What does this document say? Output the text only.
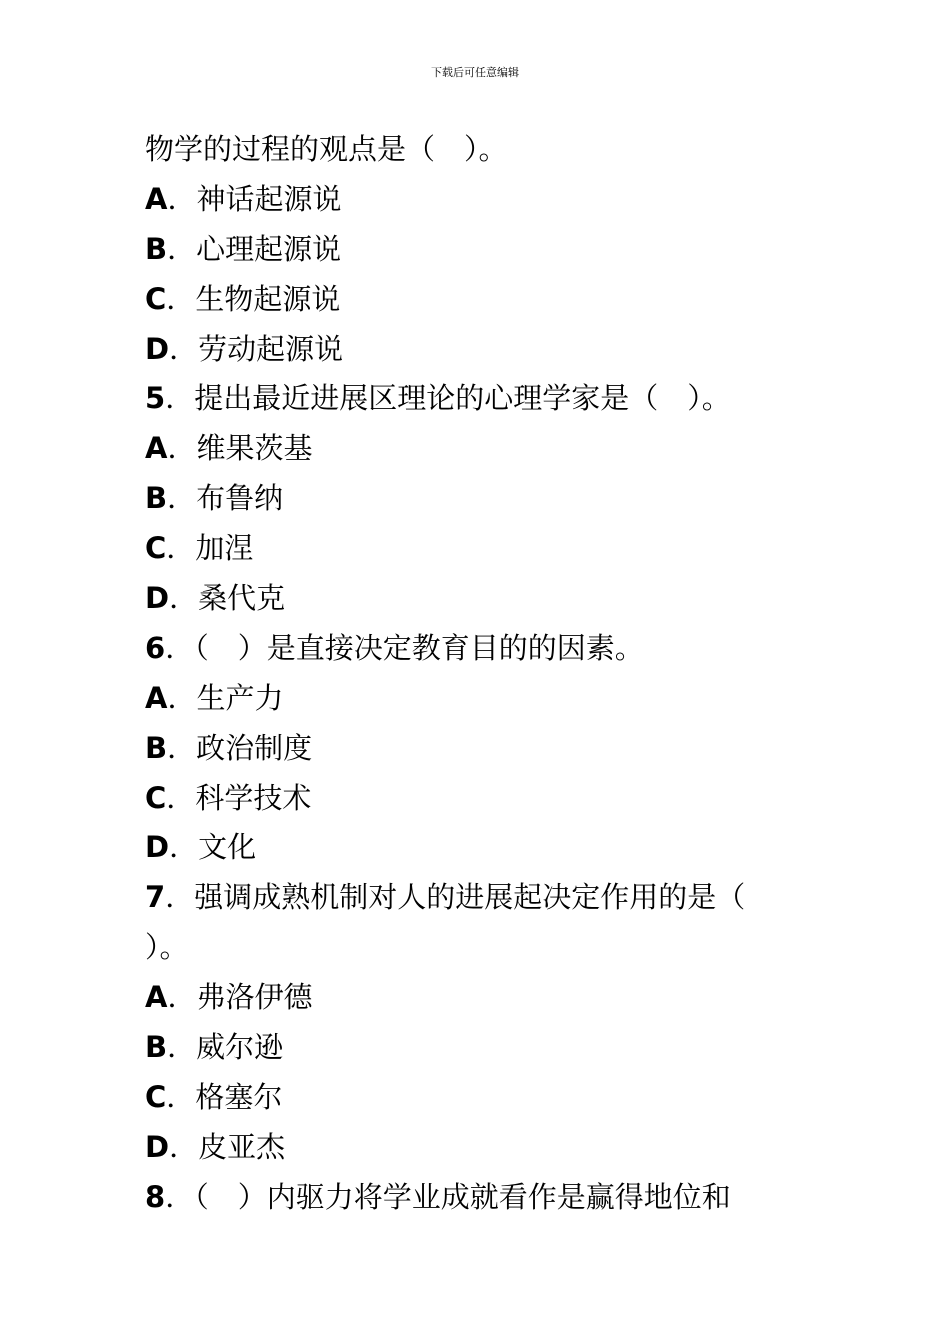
下载后可任意编辑
物学的过程的观点是（　）。
A．神话起源说
B．心理起源说
C．生物起源说
D．劳动起源说
5．提出最近进展区理论的心理学家是（　）。
A．维果茨基
B．布鲁纳
C．加涅
D．桑代克
6．（　）是直接决定教育目的的因素。
A．生产力
B．政治制度
C．科学技术
D．文化
7．强调成熟机制对人的进展起决定作用的是（
）。
A．弗洛伊德
B．威尔逊
C．格塞尔
D．皮亚杰
8．（　）内驱力将学业成就看作是赢得地位和
